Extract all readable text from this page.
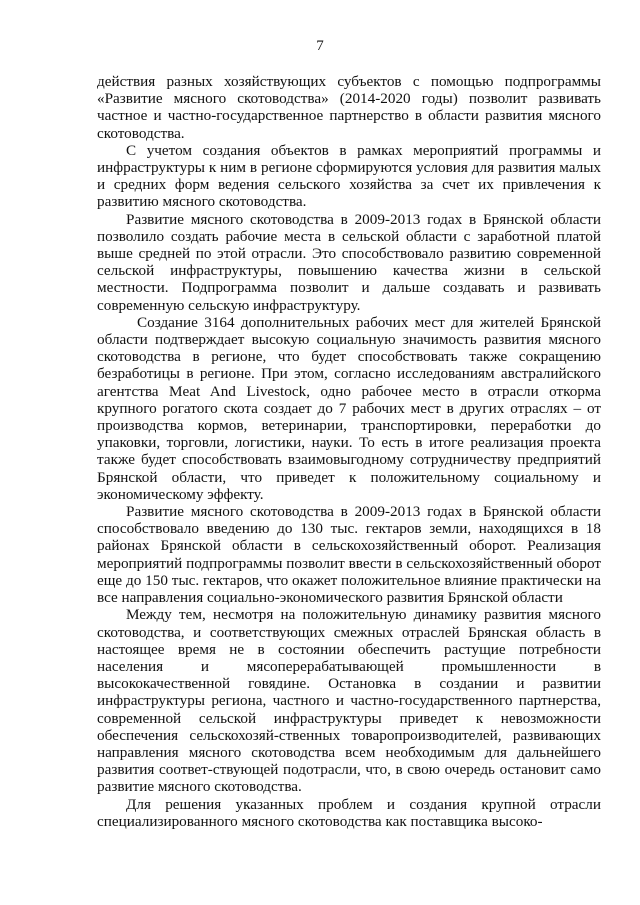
7

действия разных хозяйствующих субъектов с помощью подпрограммы «Развитие мясного скотоводства» (2014-2020 годы) позволит развивать частное и частно-государственное партнерство в области развития мясного скотоводства.

С учетом создания объектов в рамках мероприятий программы и инфраструктуры к ним в регионе сформируются условия для развития малых и средних форм ведения сельского хозяйства за счет их привлечения к развитию мясного скотоводства.

Развитие мясного скотоводства в 2009-2013 годах в Брянской области позволило создать рабочие места в сельской области с заработной платой выше средней по этой отрасли. Это способствовало развитию современной сельской инфраструктуры, повышению качества жизни в сельской местности. Подпрограмма позволит и дальше создавать и развивать современную сельскую инфраструктуру.

Создание 3164 дополнительных рабочих мест для жителей Брянской области подтверждает высокую социальную значимость развития мясного скотоводства в регионе, что будет способствовать также сокращению безработицы в регионе. При этом, согласно исследованиям австралийского агентства Meat And Livestock, одно рабочее место в отрасли откорма крупного рогатого скота создает до 7 рабочих мест в других отраслях – от производства кормов, ветеринарии, транспортировки, переработки до упаковки, торговли, логистики, науки. То есть в итоге реализация проекта также будет способствовать взаимовыгодному сотрудничеству предприятий Брянской области, что приведет к положительному социальному и экономическому эффекту.

Развитие мясного скотоводства в 2009-2013 годах в Брянской области способствовало введению до 130 тыс. гектаров земли, находящихся в 18 районах Брянской области в сельскохозяйственный оборот. Реализация мероприятий подпрограммы позволит ввести в сельскохозяйственный оборот еще до 150 тыс. гектаров, что окажет положительное влияние практически на все направления социально-экономического развития Брянской области

Между тем, несмотря на положительную динамику развития мясного скотоводства, и соответствующих смежных отраслей Брянская область в настоящее время не в состоянии обеспечить растущие потребности населения и мясоперерабатывающей промышленности в высококачественной говядине. Остановка в создании и развитии инфраструктуры региона, частного и частно-государственного партнерства, современной сельской инфраструктуры приведет к невозможности обеспечения сельскохозяй-ственных товаропроизводителей, развивающих направления мясного скотоводства всем необходимым для дальнейшего развития соответ-ствующей подотрасли, что, в свою очередь остановит само развитие мясного скотоводства.

Для решения указанных проблем и создания крупной отрасли специализированного мясного скотоводства как поставщика высоко-
